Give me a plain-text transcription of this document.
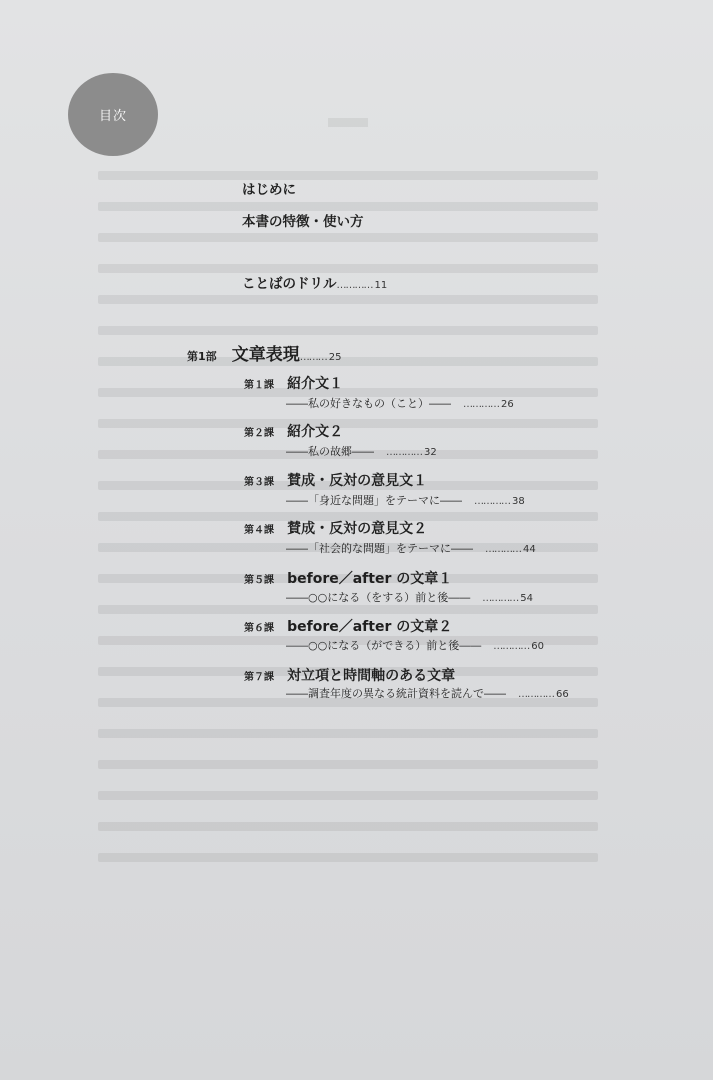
目次
はじめに
本書の特徴・使い方
ことばのドリル………… 11
第1部 文章表現……… 25
第１課 紹介文１
――私の好きなもの（こと）―― ………… 26
第２課 紹介文２
――私の故郷―― ………… 32
第３課 賛成・反対の意見文１
――「身近な問題」をテーマに―― ………… 38
第４課 賛成・反対の意見文２
――「社会的な問題」をテーマに―― ………… 44
第５課 before／after の文章１
――○○になる（をする）前と後―― ………… 54
第６課 before／after の文章２
――○○になる（ができる）前と後―― ………… 60
第７課 対立項と時間軸のある文章
――調査年度の異なる統計資料を読んで―― ………… 66
